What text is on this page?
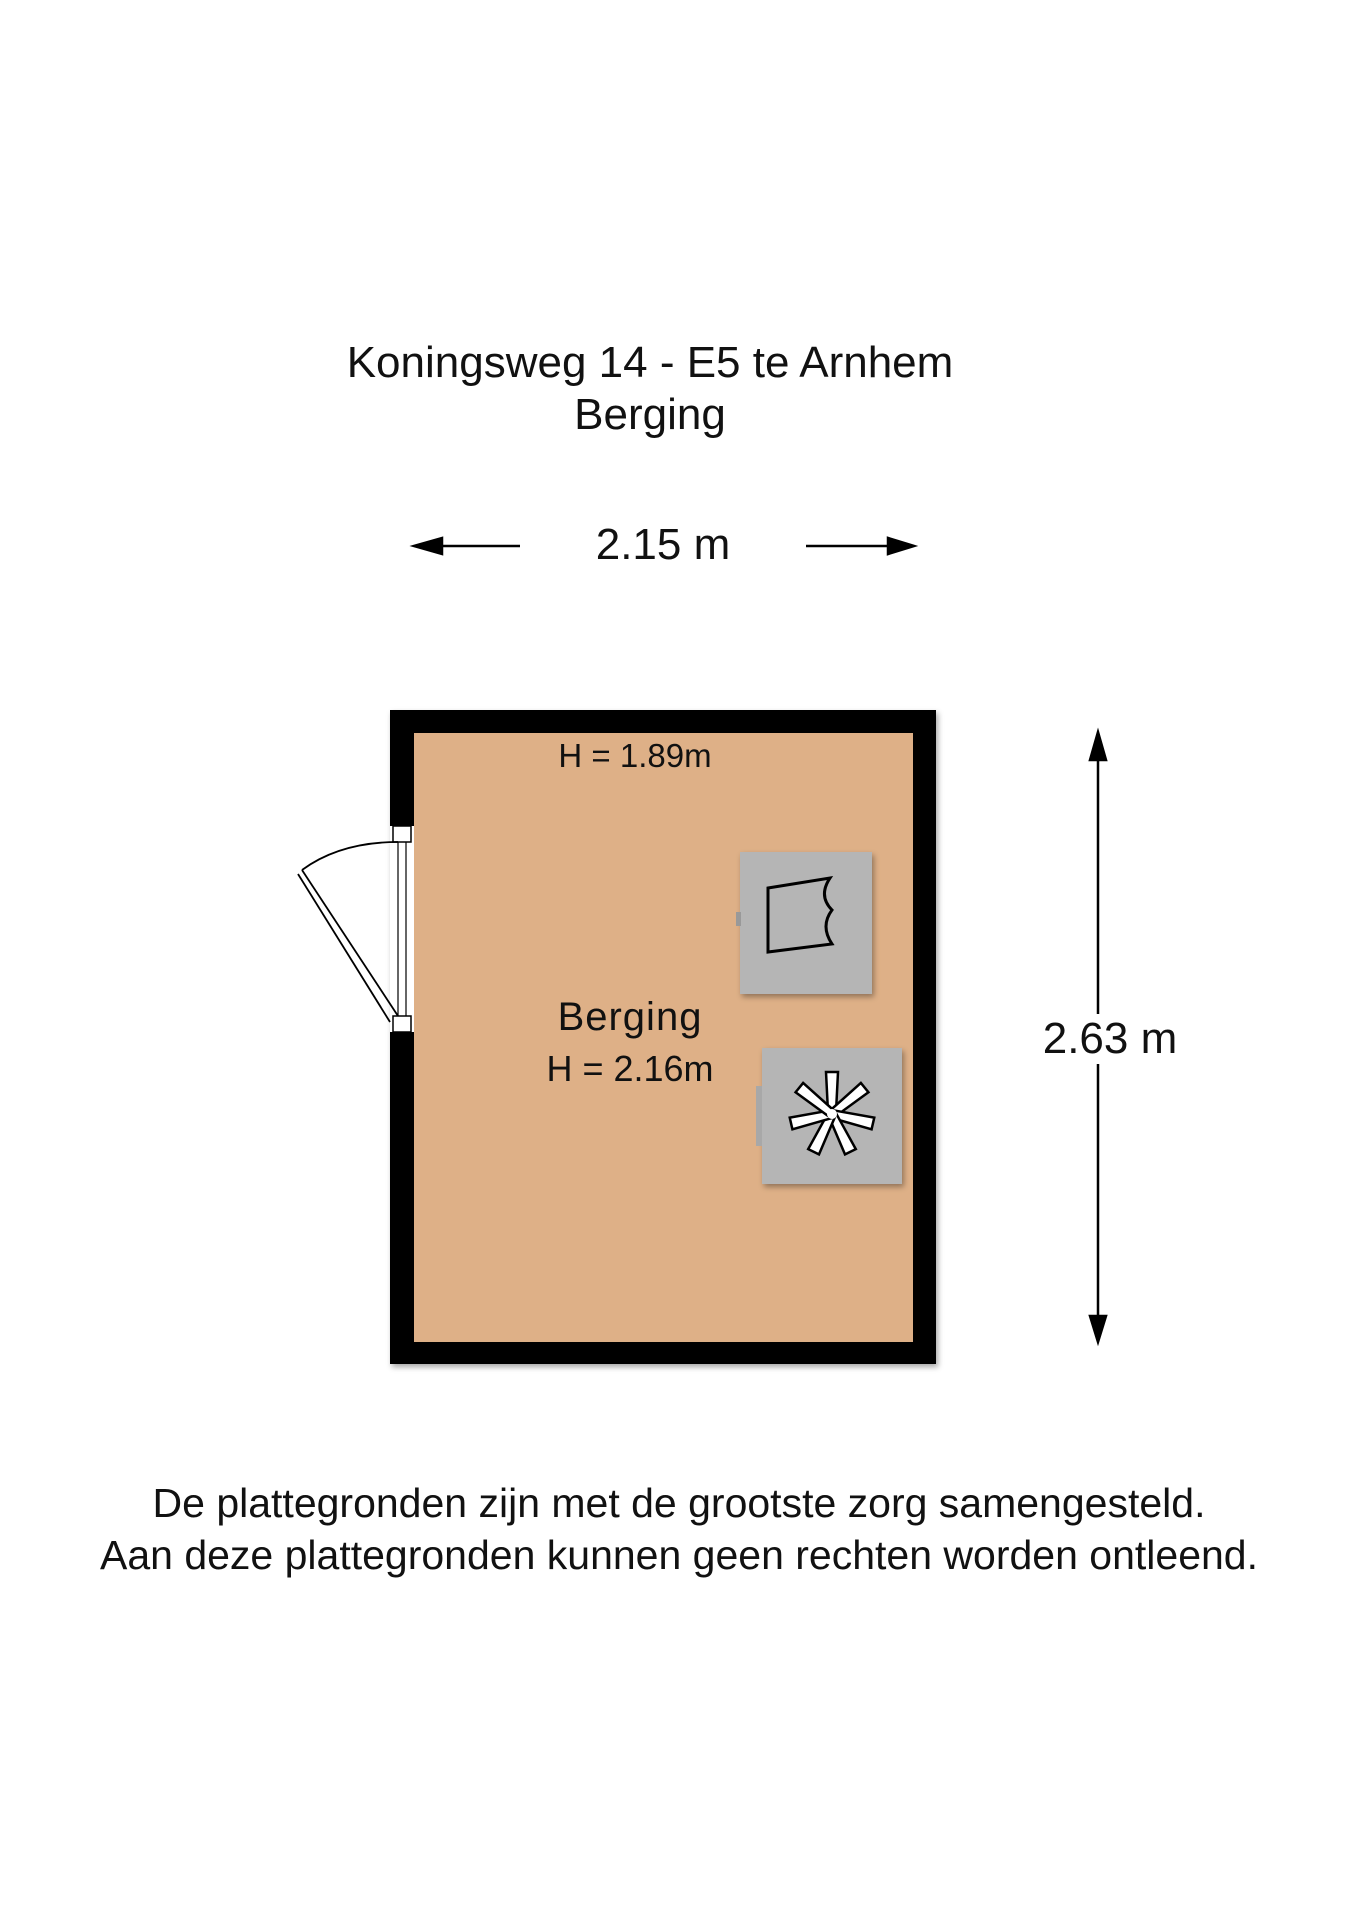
Koningsweg 14 - E5 te Arnhem
Berging
2.15 m
2.63 m
H = 1.89m
Berging
H = 2.16m
De plattegronden zijn met de grootste zorg samengesteld.
Aan deze plattegronden kunnen geen rechten worden ontleend.
